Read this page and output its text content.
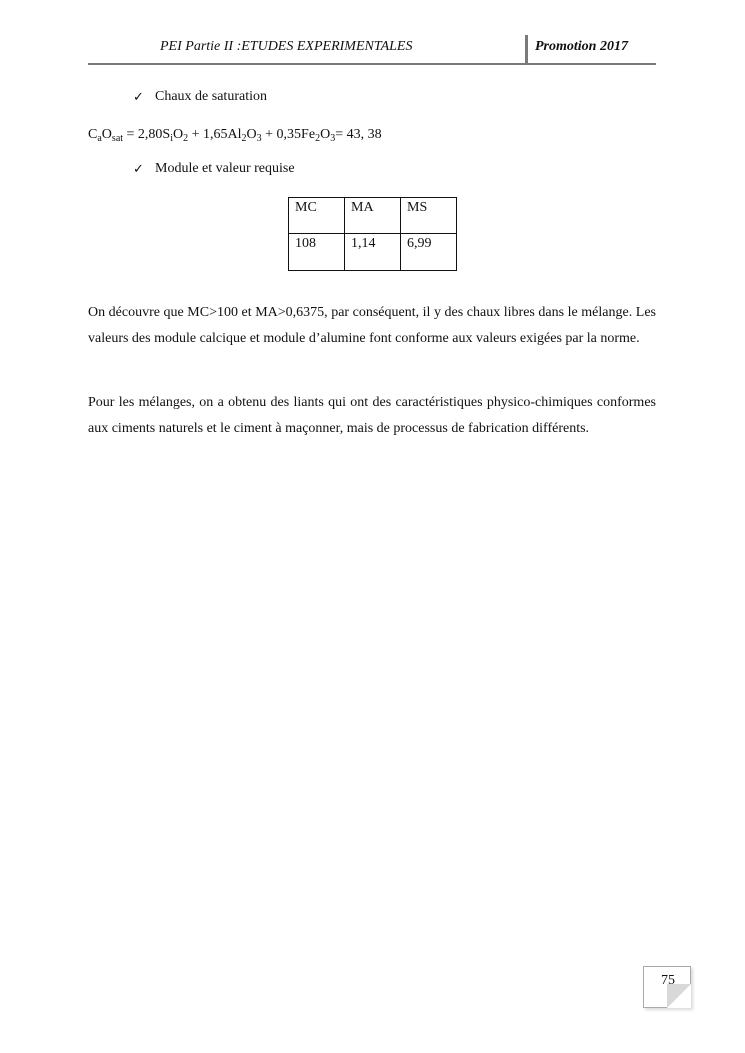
PEI Partie II :ETUDES EXPERIMENTALES	Promotion 2017
✓ Chaux de saturation
$C_aO_{sat} = 2,80S_iO_2 + 1,65Al_2O_3 + 0,35Fe_2O_3= 43$, 38
✓ Module et valeur requise
MC	MA	MS
108	1,14	6,99

On découvre que MC>100 et MA>0,6375, par conséquent, il y des chaux libres dans le mélange. Les valeurs des module calcique et module d’alumine font conforme aux valeurs exigées par la norme.

Pour les mélanges, on a obtenu des liants qui ont des caractéristiques physico-chimiques conformes aux ciments naturels et le ciment à maçonner, mais de processus de fabrication différents.

75
